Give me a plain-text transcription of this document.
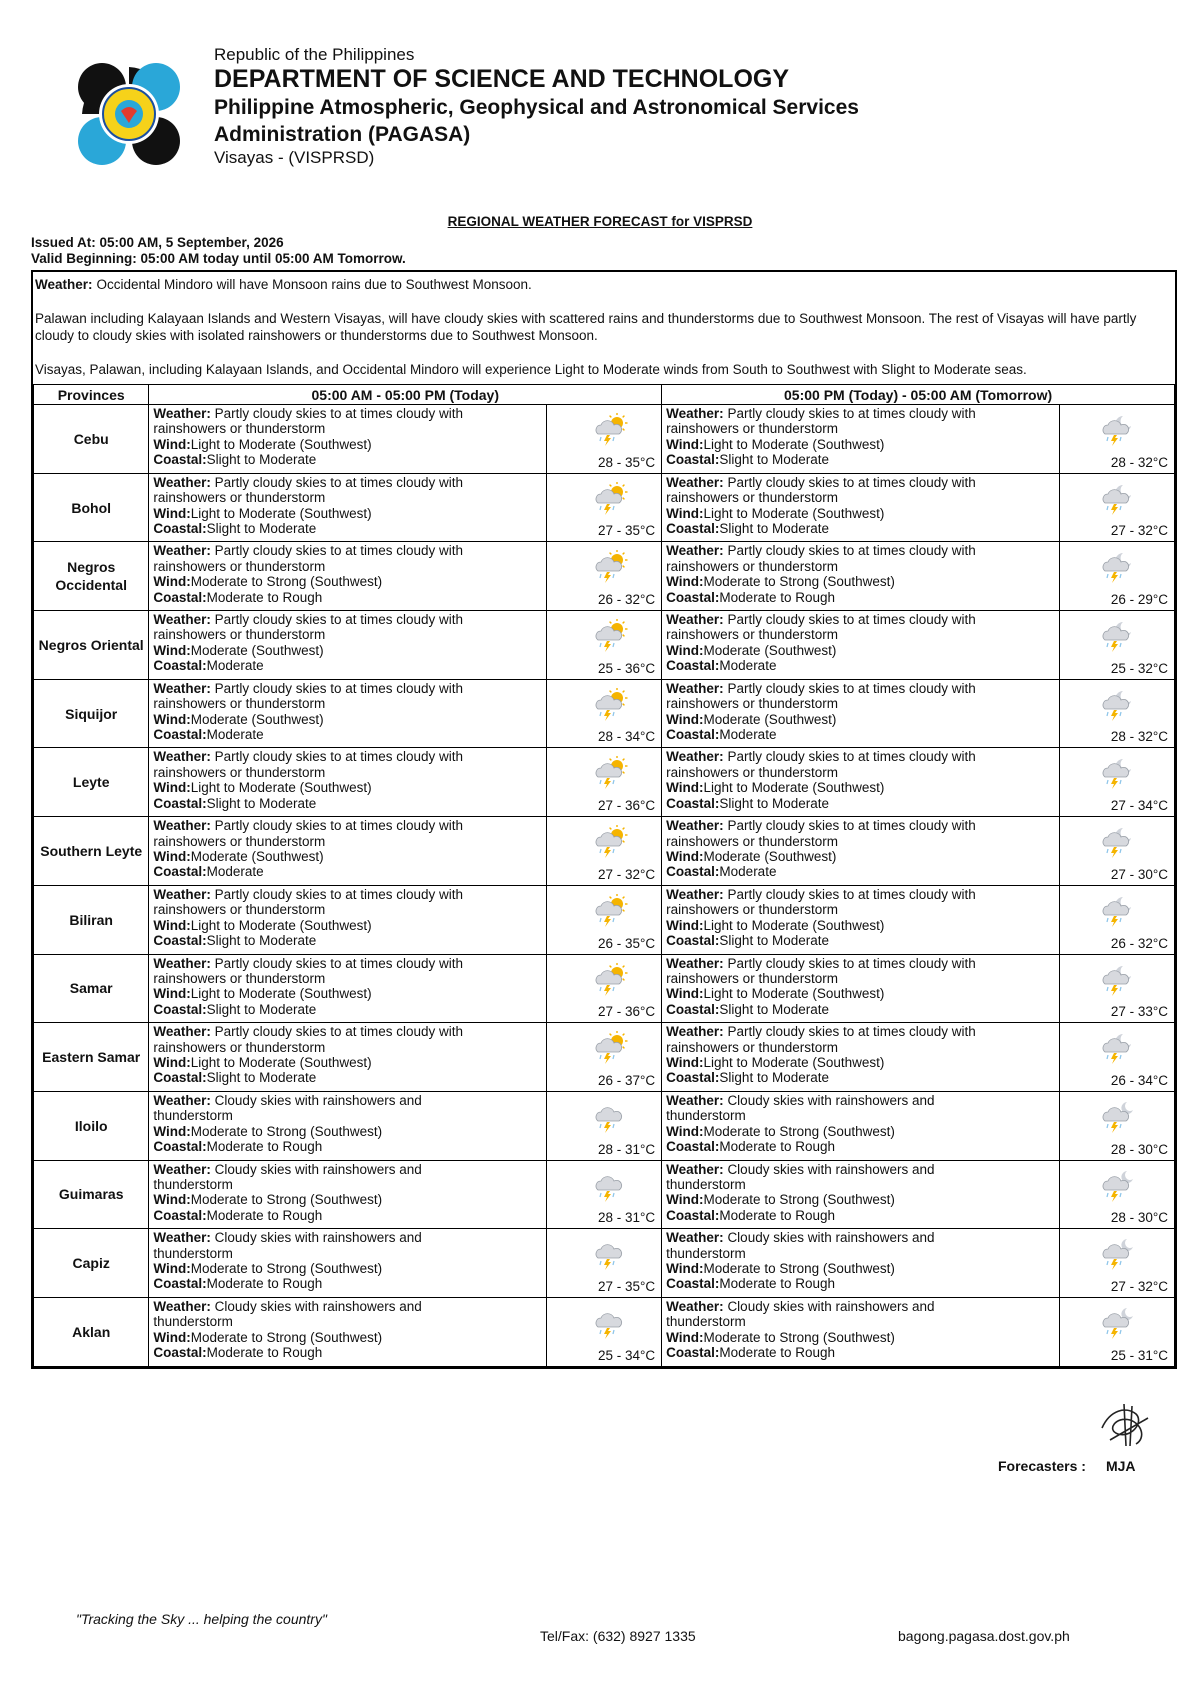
Republic of the Philippines
DEPARTMENT OF SCIENCE AND TECHNOLOGY
Philippine Atmospheric, Geophysical and Astronomical Services
Administration (PAGASA)
Visayas - (VISPRSD)
REGIONAL WEATHER FORECAST for VISPRSD
Issued At: 05:00 AM, 5 September, 2026
Valid Beginning: 05:00 AM today until 05:00 AM Tomorrow.

Weather: Occidental Mindoro will have Monsoon rains due to Southwest Monsoon.

Palawan including Kalayaan Islands and Western Visayas, will have cloudy skies with scattered rains and thunderstorms due to Southwest Monsoon. The rest of Visayas will have partly cloudy to cloudy skies with isolated rainshowers or thunderstorms due to Southwest Monsoon.

Visayas, Palawan, including Kalayaan Islands, and Occidental Mindoro will experience Light to Moderate winds from South to Southwest with Slight to Moderate seas.

Provinces	05:00 AM - 05:00 PM (Today)		05:00 PM (Today) - 05:00 AM (Tomorrow)	
Cebu	Weather: Partly cloudy skies to at times cloudy with
rainshowers or thunderstorm
Wind:Light to Moderate (Southwest)
Coastal:Slight to Moderate	28 - 35°C	Weather: Partly cloudy skies to at times cloudy with
rainshowers or thunderstorm
Wind:Light to Moderate (Southwest)
Coastal:Slight to Moderate	28 - 32°C

Bohol	Weather: Partly cloudy skies to at times cloudy with
rainshowers or thunderstorm
Wind:Light to Moderate (Southwest)
Coastal:Slight to Moderate	27 - 35°C	Weather: Partly cloudy skies to at times cloudy with
rainshowers or thunderstorm
Wind:Light to Moderate (Southwest)
Coastal:Slight to Moderate	27 - 32°C

Negros Occidental	Weather: Partly cloudy skies to at times cloudy with
rainshowers or thunderstorm
Wind:Moderate to Strong (Southwest)
Coastal:Moderate to Rough	26 - 32°C	Weather: Partly cloudy skies to at times cloudy with
rainshowers or thunderstorm
Wind:Moderate to Strong (Southwest)
Coastal:Moderate to Rough	26 - 29°C

Negros Oriental	Weather: Partly cloudy skies to at times cloudy with
rainshowers or thunderstorm
Wind:Moderate (Southwest)
Coastal:Moderate	25 - 36°C	Weather: Partly cloudy skies to at times cloudy with
rainshowers or thunderstorm
Wind:Moderate (Southwest)
Coastal:Moderate	25 - 32°C

Siquijor	Weather: Partly cloudy skies to at times cloudy with
rainshowers or thunderstorm
Wind:Moderate (Southwest)
Coastal:Moderate	28 - 34°C	Weather: Partly cloudy skies to at times cloudy with
rainshowers or thunderstorm
Wind:Moderate (Southwest)
Coastal:Moderate	28 - 32°C

Leyte	Weather: Partly cloudy skies to at times cloudy with
rainshowers or thunderstorm
Wind:Light to Moderate (Southwest)
Coastal:Slight to Moderate	27 - 36°C	Weather: Partly cloudy skies to at times cloudy with
rainshowers or thunderstorm
Wind:Light to Moderate (Southwest)
Coastal:Slight to Moderate	27 - 34°C

Southern Leyte	Weather: Partly cloudy skies to at times cloudy with
rainshowers or thunderstorm
Wind:Moderate (Southwest)
Coastal:Moderate	27 - 32°C	Weather: Partly cloudy skies to at times cloudy with
rainshowers or thunderstorm
Wind:Moderate (Southwest)
Coastal:Moderate	27 - 30°C

Biliran	Weather: Partly cloudy skies to at times cloudy with
rainshowers or thunderstorm
Wind:Light to Moderate (Southwest)
Coastal:Slight to Moderate	26 - 35°C	Weather: Partly cloudy skies to at times cloudy with
rainshowers or thunderstorm
Wind:Light to Moderate (Southwest)
Coastal:Slight to Moderate	26 - 32°C

Samar	Weather: Partly cloudy skies to at times cloudy with
rainshowers or thunderstorm
Wind:Light to Moderate (Southwest)
Coastal:Slight to Moderate	27 - 36°C	Weather: Partly cloudy skies to at times cloudy with
rainshowers or thunderstorm
Wind:Light to Moderate (Southwest)
Coastal:Slight to Moderate	27 - 33°C

Eastern Samar	Weather: Partly cloudy skies to at times cloudy with
rainshowers or thunderstorm
Wind:Light to Moderate (Southwest)
Coastal:Slight to Moderate	26 - 37°C	Weather: Partly cloudy skies to at times cloudy with
rainshowers or thunderstorm
Wind:Light to Moderate (Southwest)
Coastal:Slight to Moderate	26 - 34°C

Iloilo	Weather: Cloudy skies with rainshowers and
thunderstorm
Wind:Moderate to Strong (Southwest)
Coastal:Moderate to Rough	28 - 31°C	Weather: Cloudy skies with rainshowers and
thunderstorm
Wind:Moderate to Strong (Southwest)
Coastal:Moderate to Rough	28 - 30°C

Guimaras	Weather: Cloudy skies with rainshowers and
thunderstorm
Wind:Moderate to Strong (Southwest)
Coastal:Moderate to Rough	28 - 31°C	Weather: Cloudy skies with rainshowers and
thunderstorm
Wind:Moderate to Strong (Southwest)
Coastal:Moderate to Rough	28 - 30°C

Capiz	Weather: Cloudy skies with rainshowers and
thunderstorm
Wind:Moderate to Strong (Southwest)
Coastal:Moderate to Rough	27 - 35°C	Weather: Cloudy skies with rainshowers and
thunderstorm
Wind:Moderate to Strong (Southwest)
Coastal:Moderate to Rough	27 - 32°C

Aklan	Weather: Cloudy skies with rainshowers and
thunderstorm
Wind:Moderate to Strong (Southwest)
Coastal:Moderate to Rough	25 - 34°C	Weather: Cloudy skies with rainshowers and
thunderstorm
Wind:Moderate to Strong (Southwest)
Coastal:Moderate to Rough	25 - 31°C
Forecasters : MJA
"Tracking the Sky ... helping the country"
Tel/Fax: (632) 8927 1335	bagong.pagasa.dost.gov.ph
